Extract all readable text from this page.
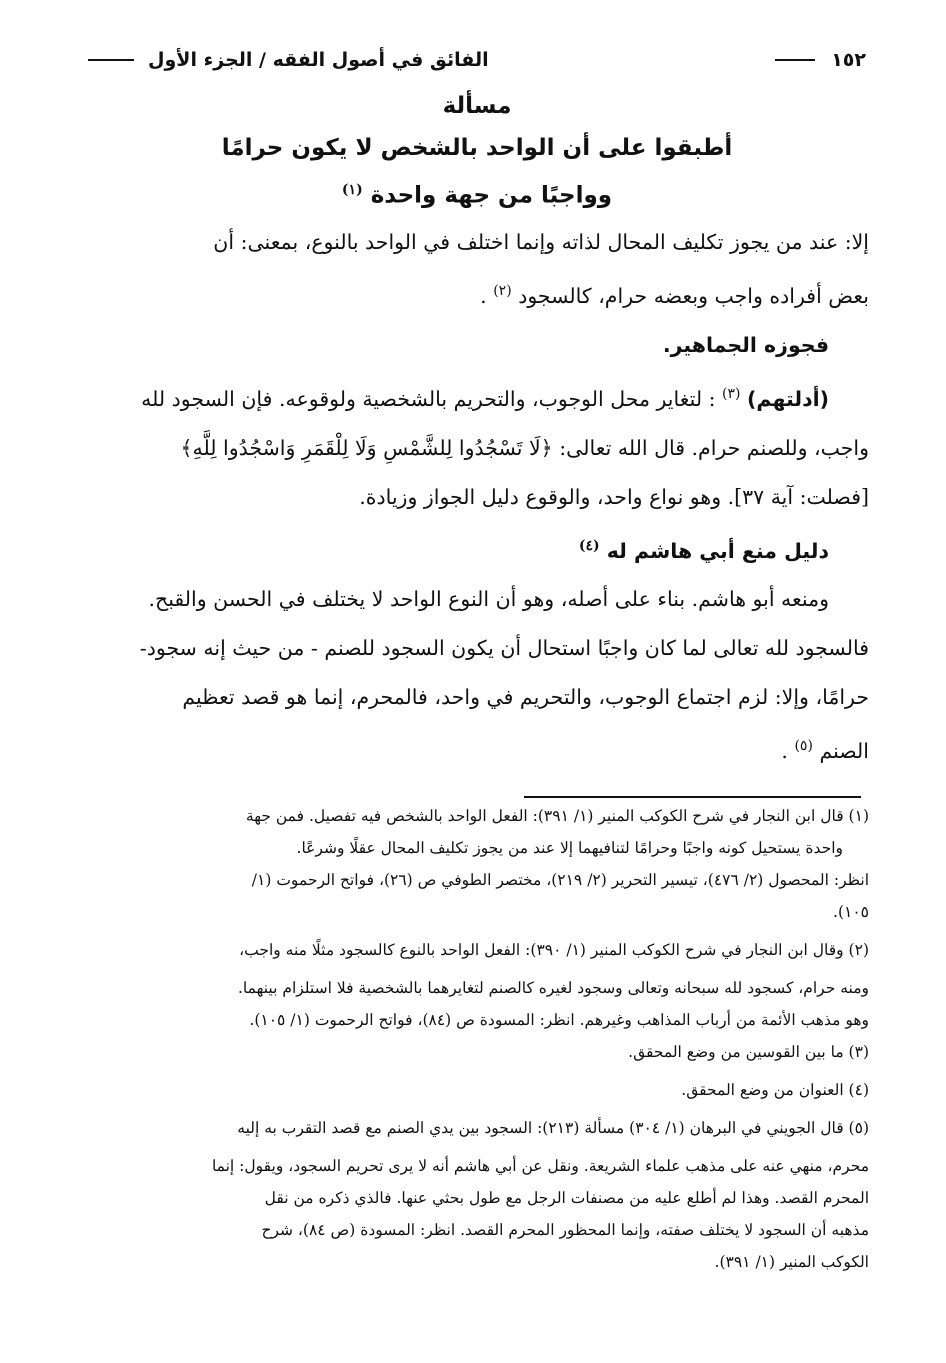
١٥٢
الفائق في أصول الفقه / الجزء الأول
مسألة
أطبقوا على أن الواحد بالشخص لا يكون حرامًا
وواجبًا من جهة واحدة $^{(١)}$

إلا: عند من يجوز تكليف المحال لذاته وإنما اختلف في الواحد بالنوع، بمعنى: أن

بعض أفراده واجب وبعضه حرام، كالسجود $^{(٢)}$ .

فجوزه الجماهير.

(أدلتهم) $^{(٣)}$ : لتغاير محل الوجوب، والتحريم بالشخصية ولوقوعه. فإن السجود لله

واجب، وللصنم حرام. قال الله تعالى: ﴿لَا تَسْجُدُوا لِلشَّمْسِ وَلَا لِلْقَمَرِ وَاسْجُدُوا لِلَّهِ﴾

[فصلت: آية ٣٧]. وهو نواع واحد، والوقوع دليل الجواز وزيادة.

دليل منع أبي هاشم له $^{(٤)}$

ومنعه أبو هاشم. بناء على أصله، وهو أن النوع الواحد لا يختلف في الحسن والقبح.

فالسجود لله تعالى لما كان واجبًا استحال أن يكون السجود للصنم - من حيث إنه سجود-

حرامًا، وإلا: لزم اجتماع الوجوب، والتحريم في واحد، فالمحرم، إنما هو قصد تعظيم

الصنم $^{(٥)}$ .

(١) قال ابن النجار في شرح الكوكب المنير (١/ ٣٩١): الفعل الواحد بالشخص فيه تفصيل. فمن جهة

واحدة يستحيل كونه واجبًا وحرامًا لتنافيهما إلا عند من يجوز تكليف المحال عقلًا وشرعًا.

انظر: المحصول (٢/ ٤٧٦)، تيسير التحرير (٢/ ٢١٩)، مختصر الطوفي ص (٢٦)، فواتح الرحموت (١/

١٠٥).

(٢) وقال ابن النجار في شرح الكوكب المنير (١/ ٣٩٠): الفعل الواحد بالنوع كالسجود مثلًا منه واجب،

ومنه حرام، كسجود لله سبحانه وتعالى وسجود لغيره كالصنم لتغايرهما بالشخصية فلا استلزام بينهما.

وهو مذهب الأئمة من أرباب المذاهب وغيرهم. انظر: المسودة ص (٨٤)، فواتح الرحموت (١/ ١٠٥).

(٣) ما بين القوسين من وضع المحقق.

(٤) العنوان من وضع المحقق.

(٥) قال الجويني في البرهان (١/ ٣٠٤) مسألة (٢١٣): السجود بين يدي الصنم مع قصد التقرب به إليه

محرم، منهي عنه على مذهب علماء الشريعة. ونقل عن أبي هاشم أنه لا يرى تحريم السجود، ويقول: إنما

المحرم القصد. وهذا لم أطلع عليه من مصنفات الرجل مع طول بحثي عنها. فالذي ذكره من نقل

مذهبه أن السجود لا يختلف صفته، وإنما المحظور المحرم القصد. انظر: المسودة (ص ٨٤)، شرح

الكوكب المنير (١/ ٣٩١).
